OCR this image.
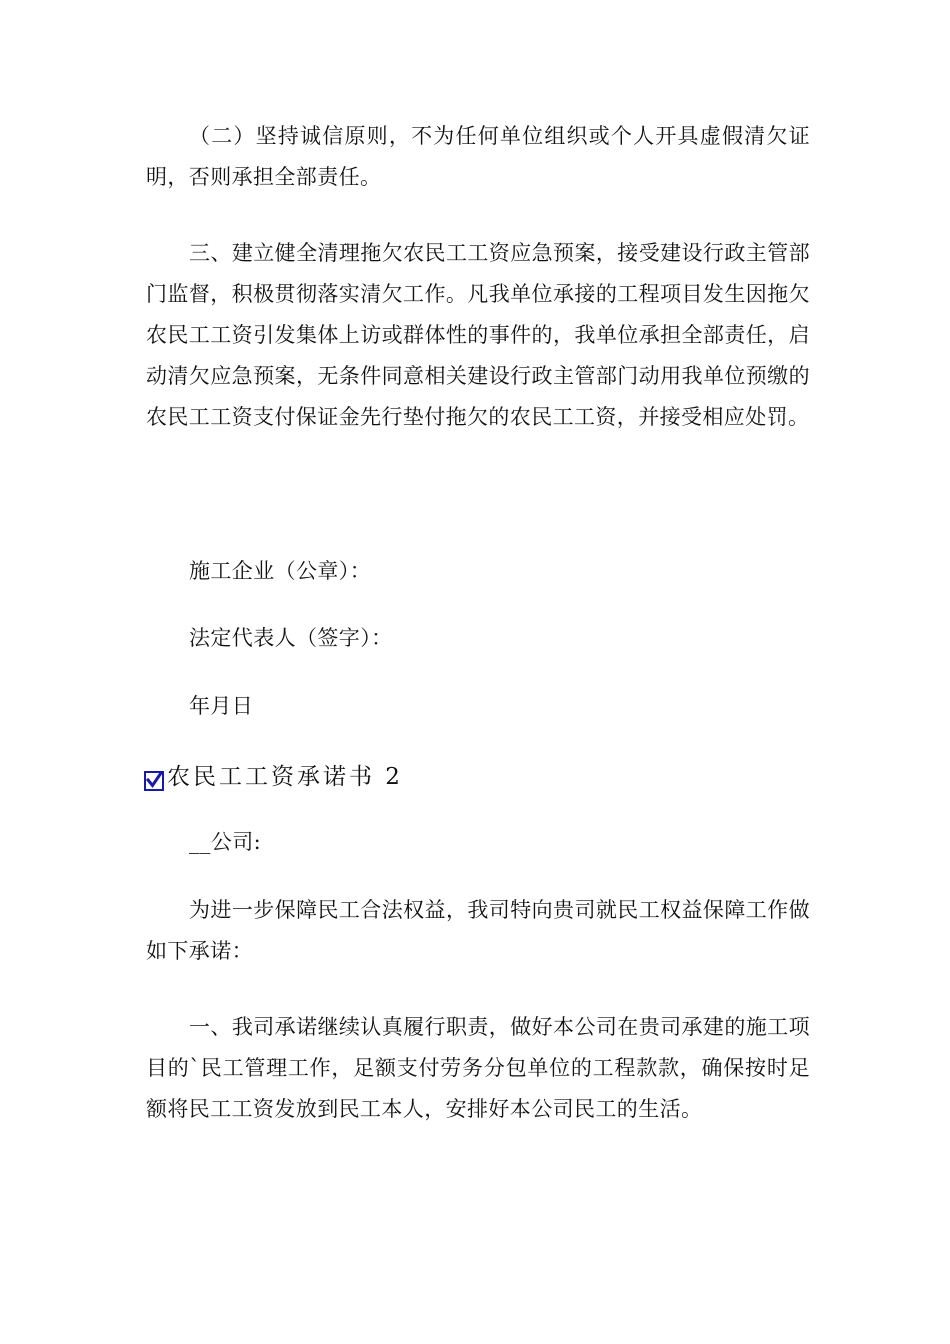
（二）坚持诚信原则，不为任何单位组织或个人开具虚假清欠证明，否则承担全部责任。

三、建立健全清理拖欠农民工工资应急预案，接受建设行政主管部门监督，积极贯彻落实清欠工作。凡我单位承接的工程项目发生因拖欠农民工工资引发集体上访或群体性的事件的，我单位承担全部责任，启动清欠应急预案，无条件同意相关建设行政主管部门动用我单位预缴的农民工工资支付保证金先行垫付拖欠的农民工工资，并接受相应处罚。

施工企业（公章）：

法定代表人（签字）：

年月日

农民工工资承诺书 2

__公司:

为进一步保障民工合法权益，我司特向贵司就民工权益保障工作做如下承诺：

一、我司承诺继续认真履行职责，做好本公司在贵司承建的施工项目的`民工管理工作，足额支付劳务分包单位的工程款款，确保按时足额将民工工资发放到民工本人，安排好本公司民工的生活。
